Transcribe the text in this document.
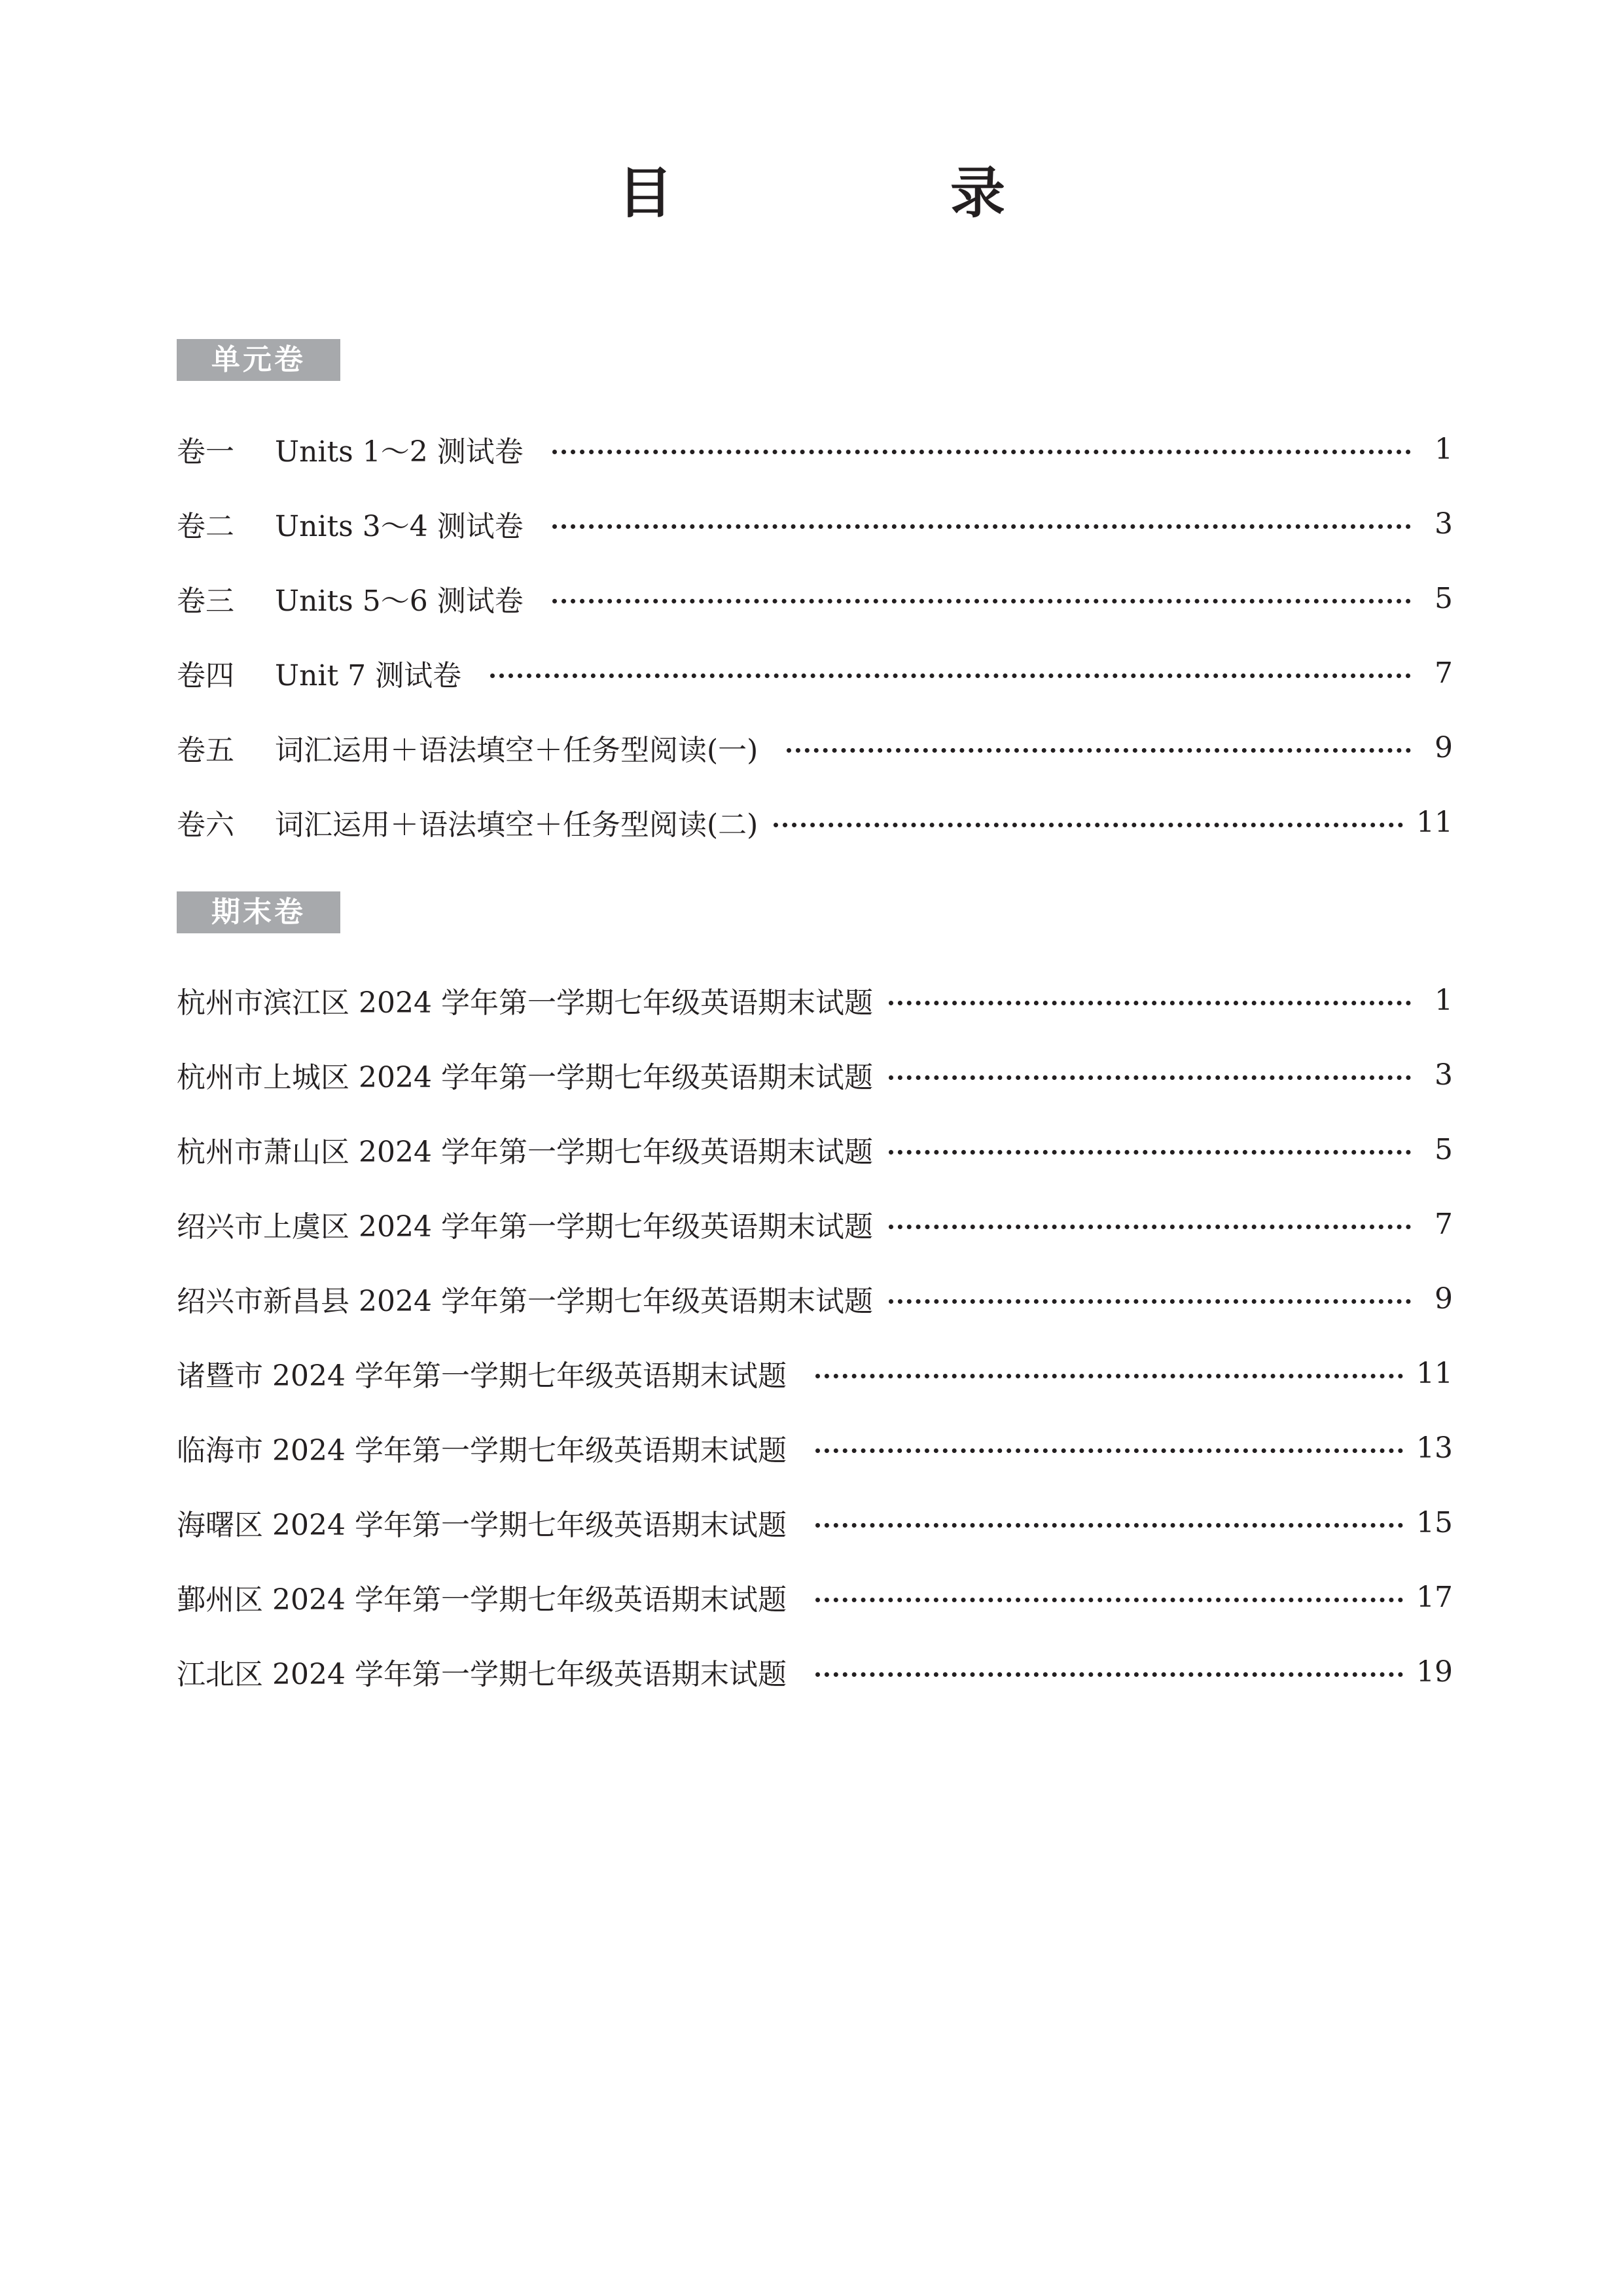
目　录
单元卷
卷一	Units 1～2 测试卷	1
卷二	Units 3～4 测试卷	3
卷三	Units 5～6 测试卷	5
卷四	Unit 7 测试卷	7
卷五	词汇运用＋语法填空＋任务型阅读(一)	9
卷六	词汇运用＋语法填空＋任务型阅读(二)	11
期末卷
杭州市滨江区 2024 学年第一学期七年级英语期末试题	1
杭州市上城区 2024 学年第一学期七年级英语期末试题	3
杭州市萧山区 2024 学年第一学期七年级英语期末试题	5
绍兴市上虞区 2024 学年第一学期七年级英语期末试题	7
绍兴市新昌县 2024 学年第一学期七年级英语期末试题	9
诸暨市 2024 学年第一学期七年级英语期末试题	11
临海市 2024 学年第一学期七年级英语期末试题	13
海曙区 2024 学年第一学期七年级英语期末试题	15
鄞州区 2024 学年第一学期七年级英语期末试题	17
江北区 2024 学年第一学期七年级英语期末试题	19
